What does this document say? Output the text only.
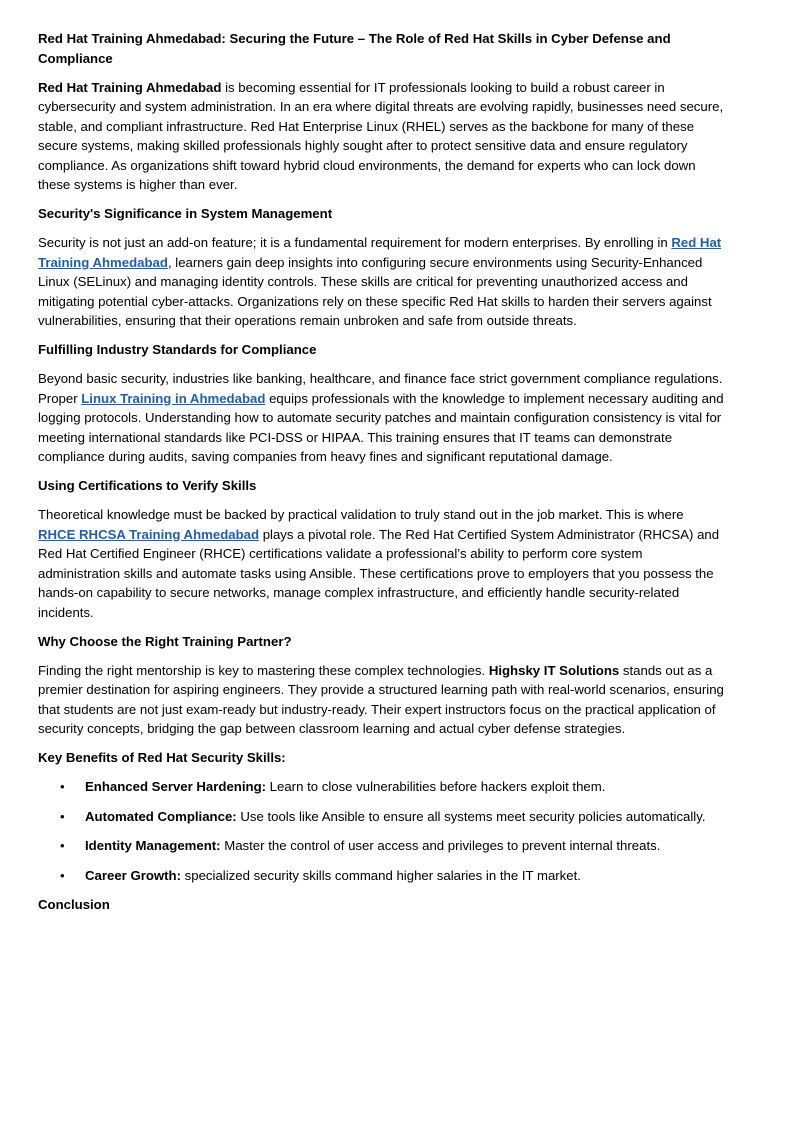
Red Hat Training Ahmedabad: Securing the Future – The Role of Red Hat Skills in Cyber Defense and Compliance

Red Hat Training Ahmedabad is becoming essential for IT professionals looking to build a robust career in cybersecurity and system administration. In an era where digital threats are evolving rapidly, businesses need secure, stable, and compliant infrastructure. Red Hat Enterprise Linux (RHEL) serves as the backbone for many of these secure systems, making skilled professionals highly sought after to protect sensitive data and ensure regulatory compliance. As organizations shift toward hybrid cloud environments, the demand for experts who can lock down these systems is higher than ever.

Security's Significance in System Management

Security is not just an add-on feature; it is a fundamental requirement for modern enterprises. By enrolling in Red Hat Training Ahmedabad, learners gain deep insights into configuring secure environments using Security-Enhanced Linux (SELinux) and managing identity controls. These skills are critical for preventing unauthorized access and mitigating potential cyber-attacks. Organizations rely on these specific Red Hat skills to harden their servers against vulnerabilities, ensuring that their operations remain unbroken and safe from outside threats.

Fulfilling Industry Standards for Compliance

Beyond basic security, industries like banking, healthcare, and finance face strict government compliance regulations. Proper Linux Training in Ahmedabad equips professionals with the knowledge to implement necessary auditing and logging protocols. Understanding how to automate security patches and maintain configuration consistency is vital for meeting international standards like PCI-DSS or HIPAA. This training ensures that IT teams can demonstrate compliance during audits, saving companies from heavy fines and significant reputational damage.

Using Certifications to Verify Skills

Theoretical knowledge must be backed by practical validation to truly stand out in the job market. This is where RHCE RHCSA Training Ahmedabad plays a pivotal role. The Red Hat Certified System Administrator (RHCSA) and Red Hat Certified Engineer (RHCE) certifications validate a professional’s ability to perform core system administration skills and automate tasks using Ansible. These certifications prove to employers that you possess the hands-on capability to secure networks, manage complex infrastructure, and efficiently handle security-related incidents.

Why Choose the Right Training Partner?

Finding the right mentorship is key to mastering these complex technologies. Highsky IT Solutions stands out as a premier destination for aspiring engineers. They provide a structured learning path with real-world scenarios, ensuring that students are not just exam-ready but industry-ready. Their expert instructors focus on the practical application of security concepts, bridging the gap between classroom learning and actual cyber defense strategies.

Key Benefits of Red Hat Security Skills:
• Enhanced Server Hardening: Learn to close vulnerabilities before hackers exploit them.
• Automated Compliance: Use tools like Ansible to ensure all systems meet security policies automatically.
• Identity Management: Master the control of user access and privileges to prevent internal threats.
• Career Growth: specialized security skills command higher salaries in the IT market.
Conclusion
